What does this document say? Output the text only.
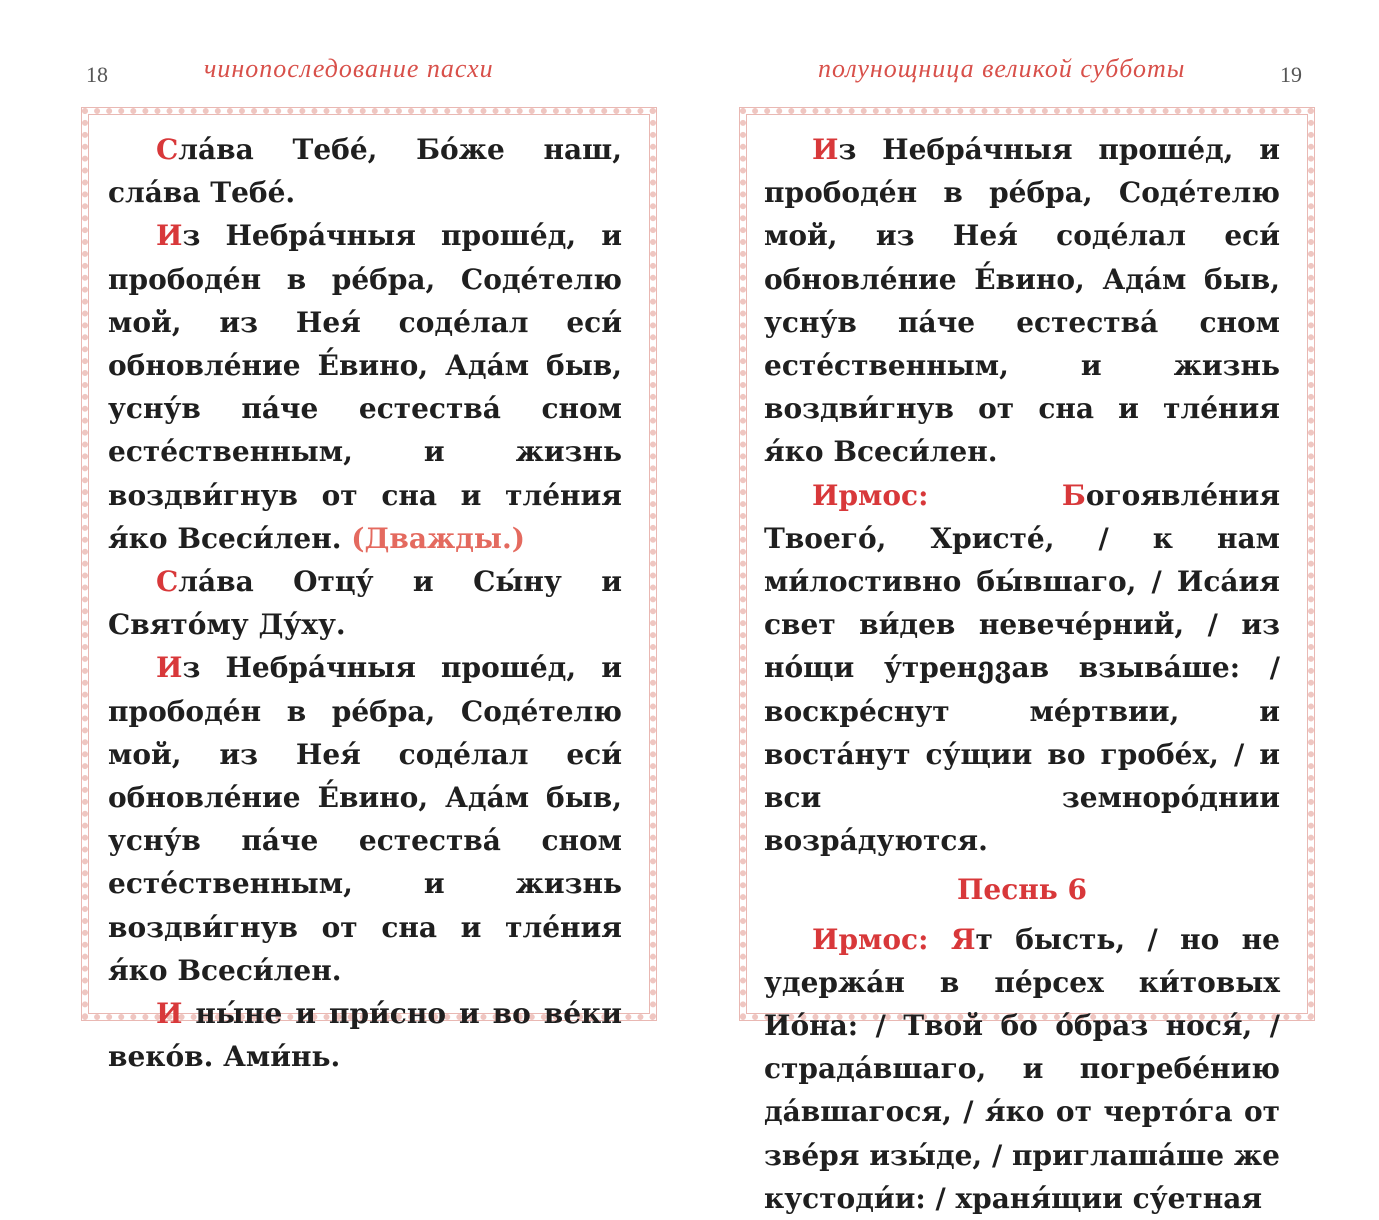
18	чинопоследование пасхи

Сла́ва Тебе́, Бо́же наш, сла́ва Тебе́.

Из Небра́чныя проше́д, и прободе́н в ре́бра, Соде́телю мой, из Нея́ соде́лал еси́ обновле́ние Е́вино, Ада́м быв, усну́в па́че естества́ сном есте́ственным, и жизнь воздви́гнув от сна и тле́ния я́ко Всеси́лен. (Дважды.)

Сла́ва Отцу́ и Сы́ну и Свято́му Ду́ху.

Из Небра́чныя проше́д, и прободе́н в ре́бра, Соде́телю мой, из Нея́ соде́лал еси́ обновле́ние Е́вино, Ада́м быв, усну́в па́че естества́ сном есте́ственным, и жизнь воздви́гнув от сна и тле́ния я́ко Всеси́лен.

И ны́не и при́сно и во ве́ки веко́в. Ами́нь.

полунощница великой субботы	19

Из Небра́чныя проше́д, и прободе́н в ре́бра, Соде́телю мой, из Нея́ соде́лал еси́ обновле́ние Е́вино, Ада́м быв, усну́в па́че естества́ сном есте́ственным, и жизнь воздви́гнув от сна и тле́ния я́ко Всеси́лен.

Ирмос: Богоявле́ния Твоего́, Христе́, / к нам ми́лостивно бы́вшаго, / Иса́ия свет ви́дев невече́рний, / из но́щи у́тренევав взыва́ше: / воскре́снут ме́ртвии, и воста́нут су́щии во гробе́х, / и вси земноро́днии возра́дуются.

Песнь 6

Ирмос: Ят бысть, / но не удержа́н в пе́рсех ки́товых Ио́на: / Твой бо о́браз нося́, / страда́вшаго, и погребе́нию да́вшагося, / я́ко от черто́га от зве́ря изы́де, / приглаша́ше же кустоди́и: / храня́щии су́етная
